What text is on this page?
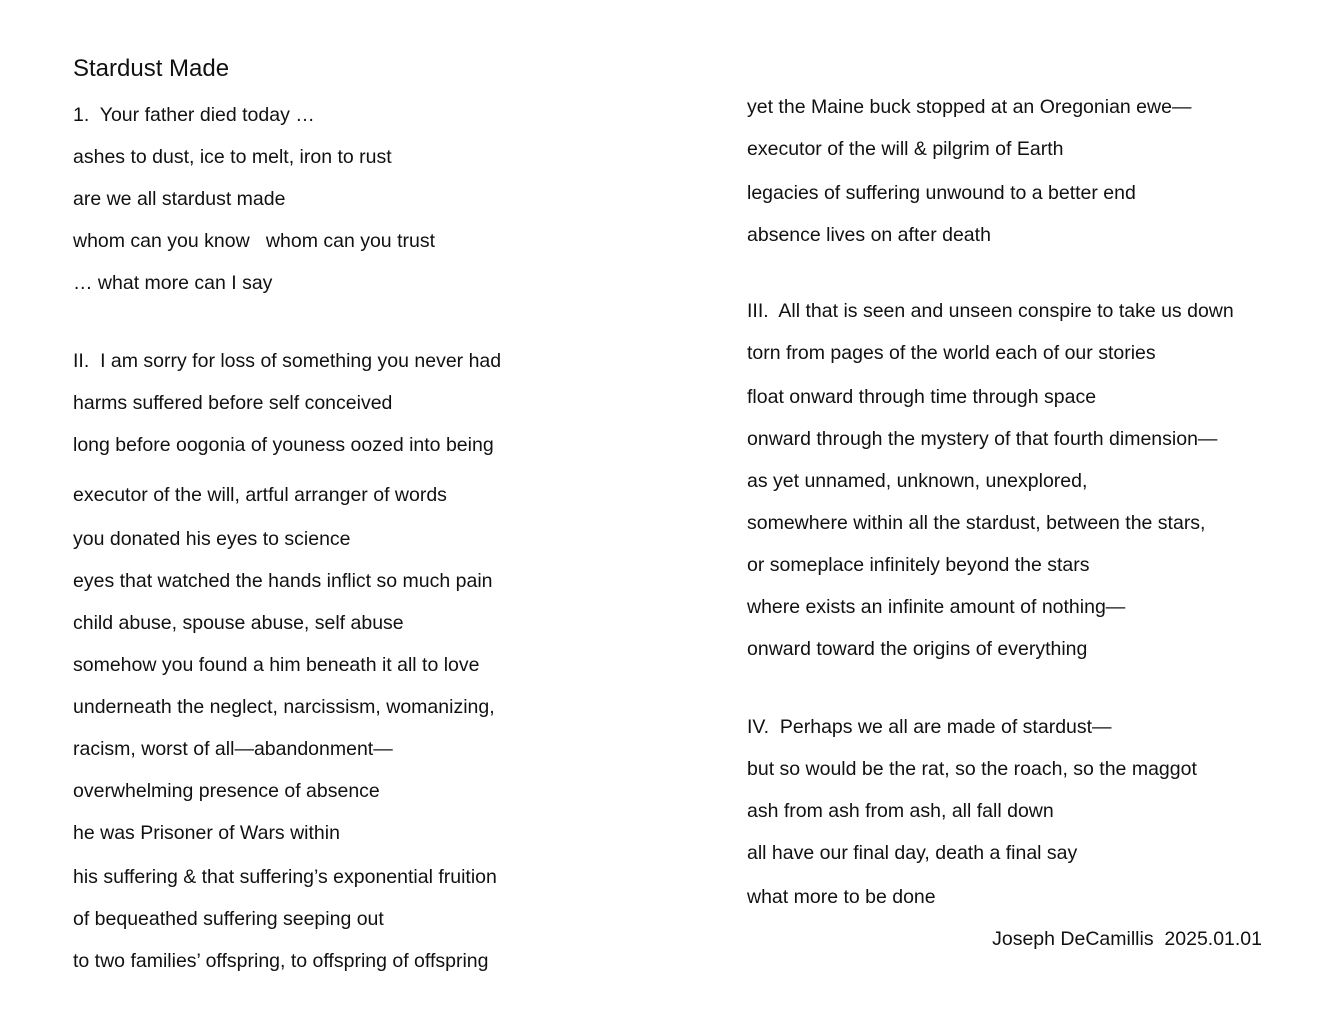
Stardust Made
1.  Your father died today …
ashes to dust, ice to melt, iron to rust
are we all stardust made
whom can you know   whom can you trust
… what more can I say
II.  I am sorry for loss of something you never had
harms suffered before self conceived
long before oogonia of youness oozed into being
executor of the will, artful arranger of words
you donated his eyes to science
eyes that watched the hands inflict so much pain
child abuse, spouse abuse, self abuse
somehow you found a him beneath it all to love
underneath the neglect, narcissism, womanizing,
racism, worst of all—abandonment—
overwhelming presence of absence
he was Prisoner of Wars within
his suffering & that suffering’s exponential fruition
of bequeathed suffering seeping out
to two families’ offspring, to offspring of offspring
yet the Maine buck stopped at an Oregonian ewe—
executor of the will & pilgrim of Earth
legacies of suffering unwound to a better end
absence lives on after death
III.  All that is seen and unseen conspire to take us down
torn from pages of the world each of our stories
float onward through time through space
onward through the mystery of that fourth dimension—
as yet unnamed, unknown, unexplored,
somewhere within all the stardust, between the stars,
or someplace infinitely beyond the stars
where exists an infinite amount of nothing—
onward toward the origins of everything
IV.  Perhaps we all are made of stardust—
but so would be the rat, so the roach, so the maggot
ash from ash from ash, all fall down
all have our final day, death a final say
what more to be done
Joseph DeCamillis  2025.01.01
